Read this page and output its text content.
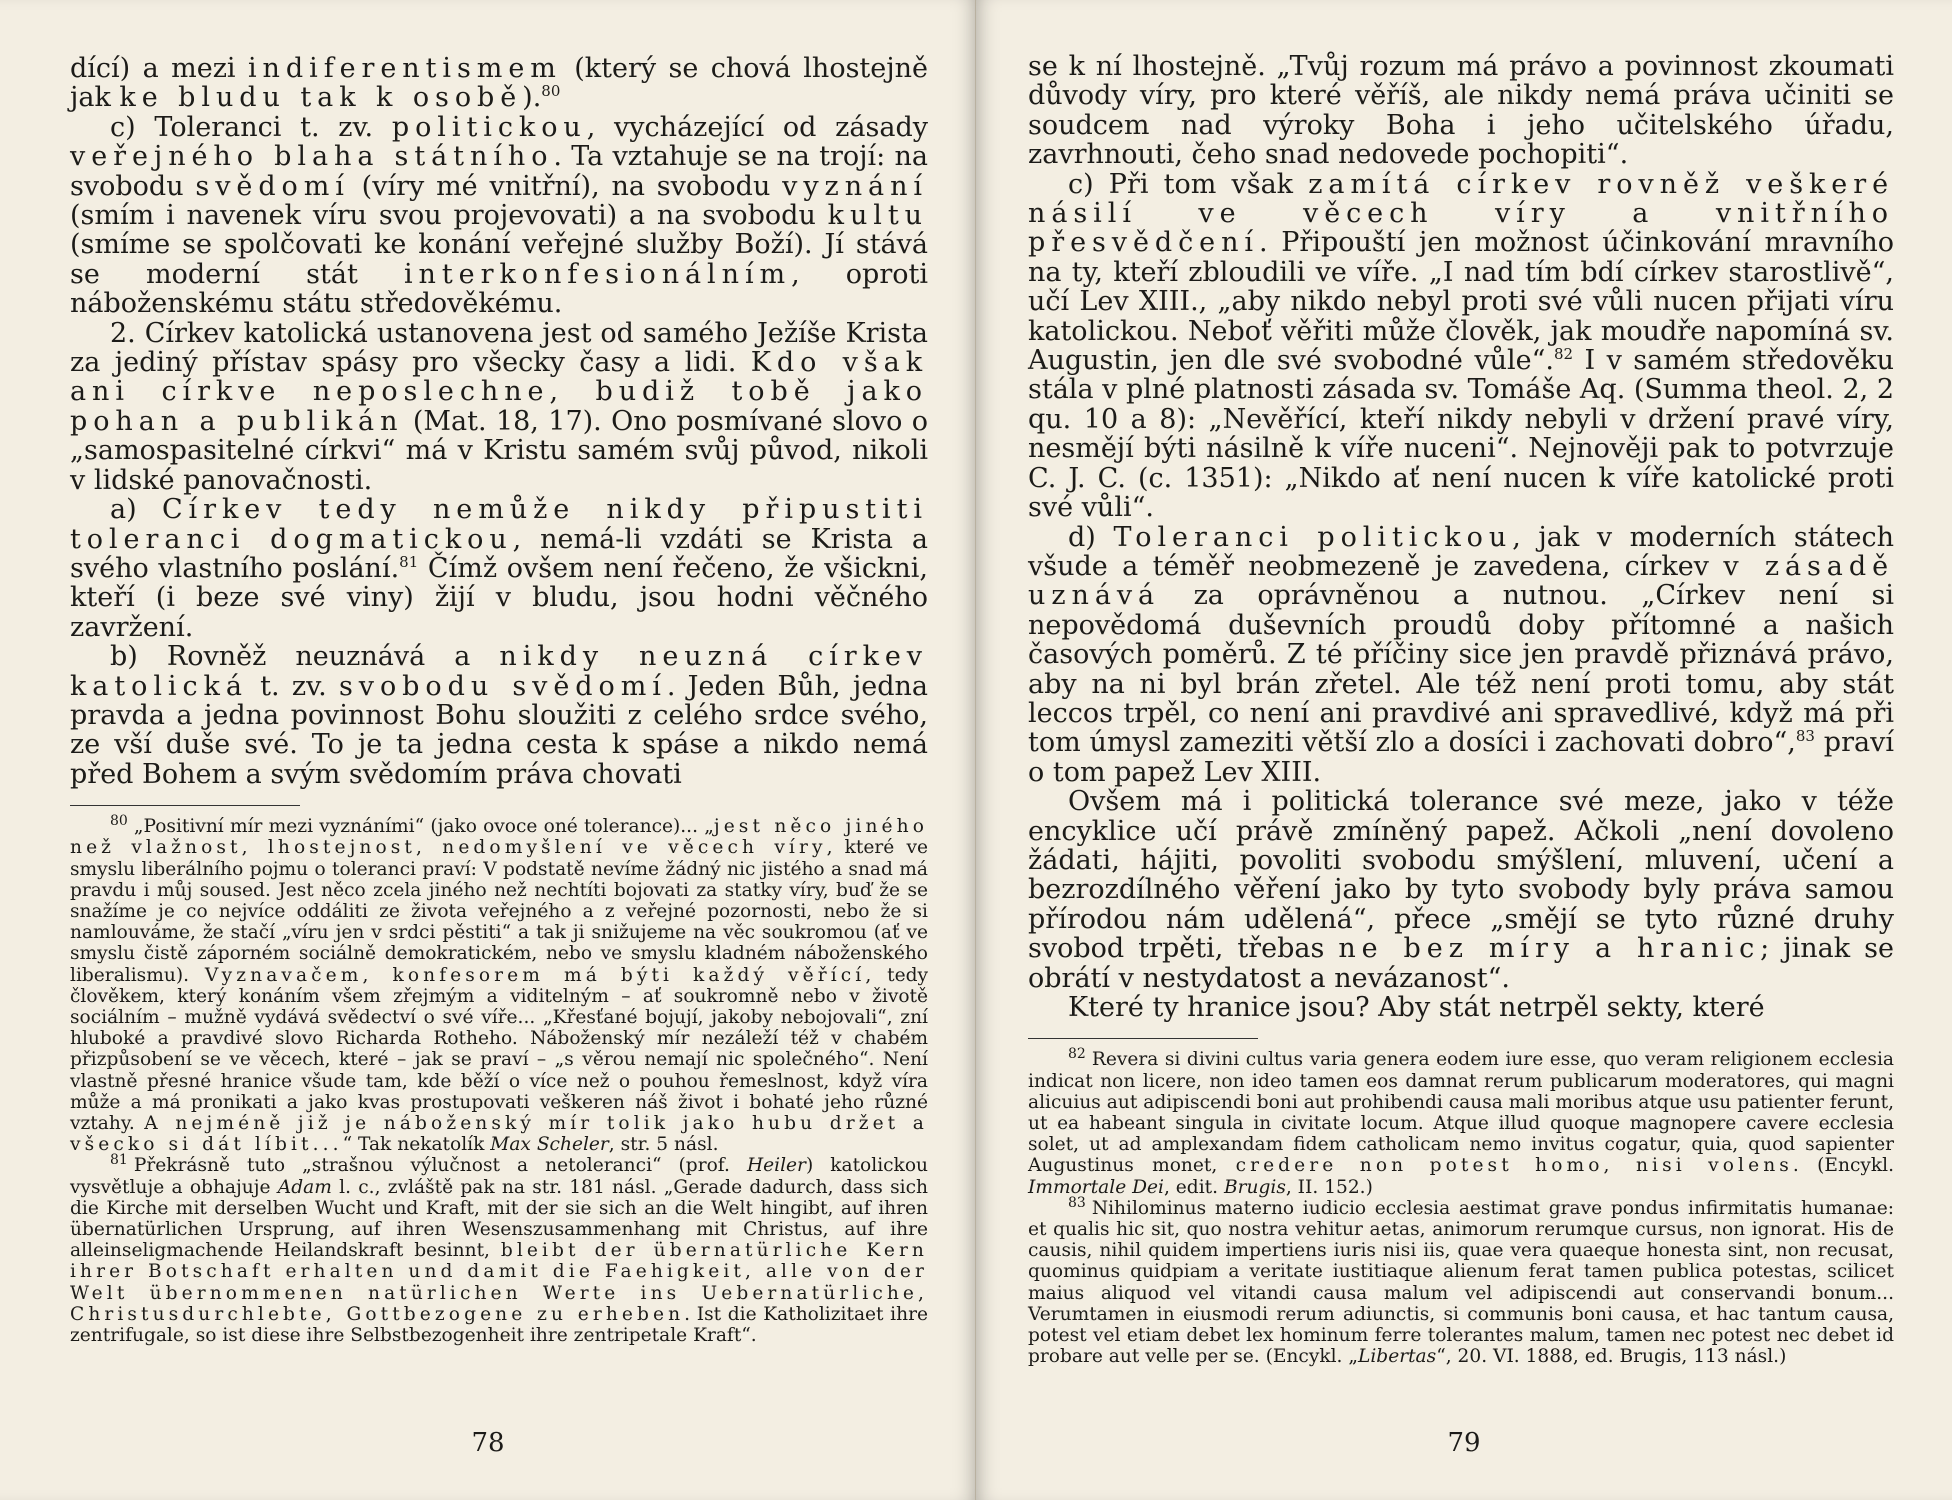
dící) a mezi indiferentismem (který se chová lhostejně jak ke bludu tak k osobě).$^{80}$

c) Toleranci t. zv. politickou, vycházející od zásady veřejného blaha státního. Ta vztahuje se na trojí: na svobodu svědomí (víry mé vnitřní), na svobodu vyznání (smím i navenek víru svou projevovati) a na svobodu kultu (smíme se spolčovati ke konání veřejné služby Boží). Jí stává se moderní stát interkonfesionálním, oproti náboženskému státu středověkému.

2. Církev katolická ustanovena jest od samého Ježíše Krista za jediný přístav spásy pro všecky časy a lidi. Kdo však ani církve neposlechne, budiž tobě jako pohan a publikán (Mat. 18, 17). Ono posmívané slovo o „samospasitelné církvi“ má v Kristu samém svůj původ, nikoli v lidské panovačnosti.

a) Církev tedy nemůže nikdy připustiti toleranci dogmatickou, nemá-li vzdáti se Krista a svého vlastního poslání.$^{81}$ Čímž ovšem není řečeno, že všickni, kteří (i beze své viny) žijí v bludu, jsou hodni věčného zavržení.

b) Rovněž neuznává a nikdy neuzná církev katolická t. zv. svobodu svědomí. Jeden Bůh, jedna pravda a jedna povinnost Bohu sloužiti z celého srdce svého, ze vší duše své. To je ta jedna cesta k spáse a nikdo nemá před Bohem a svým svědomím práva chovati

$^{80}$ „Positivní mír mezi vyznáními“ (jako ovoce oné tolerance)... „jest něco jiného než vlažnost, lhostejnost, nedomyšlení ve věcech víry, které ve smyslu liberálního pojmu o toleranci praví: V podstatě nevíme žádný nic jistého a snad má pravdu i můj soused. Jest něco zcela jiného než nechtíti bojovati za statky víry, buď že se snažíme je co nejvíce oddáliti ze života veřejného a z veřejné pozornosti, nebo že si namlouváme, že stačí „víru jen v srdci pěstiti“ a tak ji snižujeme na věc soukromou (ať ve smyslu čistě záporném sociálně demokratickém, nebo ve smyslu kladném náboženského liberalismu). Vyznavačem, konfesorem má býti každý věřící, tedy člověkem, který konáním všem zřejmým a viditelným – ať soukromně nebo v životě sociálním – mužně vydává svědectví o své víře... „Křesťané bojují, jakoby nebojovali“, zní hluboké a pravdivé slovo Richarda Rotheho. Náboženský mír nezáleží též v chabém přizpůsobení se ve věcech, které – jak se praví – „s věrou nemají nic společného“. Není vlastně přesné hranice všude tam, kde běží o více než o pouhou řemeslnost, když víra může a má pronikati a jako kvas prostupovati veškeren náš život i bohaté jeho různé vztahy. A nejméně již je náboženský mír tolik jako hubu držet a všecko si dát líbit...“ Tak nekatolík Max Scheler, str. 5 násl.

$^{81}$ Překrásně tuto „strašnou výlučnost a netoleranci“ (prof. Heiler) katolickou vysvětluje a obhajuje Adam l. c., zvláště pak na str. 181 násl. „Gerade dadurch, dass sich die Kirche mit derselben Wucht und Kraft, mit der sie sich an die Welt hingibt, auf ihren übernatürlichen Ursprung, auf ihren Wesenszusammenhang mit Christus, auf ihre alleinseligmachende Heilandskraft besinnt, bleibt der übernatürliche Kern ihrer Botschaft erhalten und damit die Faehigkeit, alle von der Welt übernommenen natürlichen Werte ins Uebernatürliche, Christusdurchlebte, Gottbezogene zu erheben. Ist die Katholizitaet ihre zentrifugale, so ist diese ihre Selbstbezogenheit ihre zentripetale Kraft“.

78

se k ní lhostejně. „Tvůj rozum má právo a povinnost zkoumati důvody víry, pro které věříš, ale nikdy nemá práva učiniti se soudcem nad výroky Boha i jeho učitelského úřadu, zavrhnouti, čeho snad nedovede pochopiti“.

c) Při tom však zamítá církev rovněž veškeré násilí ve věcech víry a vnitřního přesvědčení. Připouští jen možnost účinkování mravního na ty, kteří zbloudili ve víře. „I nad tím bdí církev starostlivě“, učí Lev XIII., „aby nikdo nebyl proti své vůli nucen přijati víru katolickou. Neboť věřiti může člověk, jak moudře napomíná sv. Augustin, jen dle své svobodné vůle“.$^{82}$ I v samém středověku stála v plné platnosti zásada sv. Tomáše Aq. (Summa theol. 2, 2 qu. 10 a 8): „Nevěřící, kteří nikdy nebyli v držení pravé víry, nesmějí býti násilně k víře nuceni“. Nejnověji pak to potvrzuje C. J. C. (c. 1351): „Nikdo ať není nucen k víře katolické proti své vůli“.

d) Toleranci politickou, jak v moderních státech všude a téměř neobmezeně je zavedena, církev v zásadě uznává za oprávněnou a nutnou. „Církev není si nepovědomá duševních proudů doby přítomné a našich časových poměrů. Z té příčiny sice jen pravdě přiznává právo, aby na ni byl brán zřetel. Ale též není proti tomu, aby stát leccos trpěl, co není ani pravdivé ani spravedlivé, když má při tom úmysl zameziti větší zlo a dosíci i zachovati dobro“,$^{83}$ praví o tom papež Lev XIII.

Ovšem má i politická tolerance své meze, jako v téže encyklice učí právě zmíněný papež. Ačkoli „není dovoleno žádati, hájiti, povoliti svobodu smýšlení, mluvení, učení a bezrozdílného věření jako by tyto svobody byly práva samou přírodou nám udělená“, přece „smějí se tyto různé druhy svobod trpěti, třebas ne bez míry a hranic; jinak se obrátí v nestydatost a nevázanost“.

Které ty hranice jsou? Aby stát netrpěl sekty, které

$^{82}$ Revera si divini cultus varia genera eodem iure esse, quo veram religionem ecclesia indicat non licere, non ideo tamen eos damnat rerum publicarum moderatores, qui magni alicuius aut adipiscendi boni aut prohibendi causa mali moribus atque usu patienter ferunt, ut ea habeant singula in civitate locum. Atque illud quoque magnopere cavere ecclesia solet, ut ad amplexandam fidem catholicam nemo invitus cogatur, quia, quod sapienter Augustinus monet, credere non potest homo, nisi volens. (Encykl. Immortale Dei, edit. Brugis, II. 152.)

$^{83}$ Nihilominus materno iudicio ecclesia aestimat grave pondus infirmitatis humanae: et qualis hic sit, quo nostra vehitur aetas, animorum rerumque cursus, non ignorat. His de causis, nihil quidem impertiens iuris nisi iis, quae vera quaeque honesta sint, non recusat, quominus quidpiam a veritate iustitiaque alienum ferat tamen publica potestas, scilicet maius aliquod vel vitandi causa malum vel adipiscendi aut conservandi bonum... Verumtamen in eiusmodi rerum adiunctis, si communis boni causa, et hac tantum causa, potest vel etiam debet lex hominum ferre tolerantes malum, tamen nec potest nec debet id probare aut velle per se. (Encykl. „Libertas“, 20. VI. 1888, ed. Brugis, 113 násl.)

79
